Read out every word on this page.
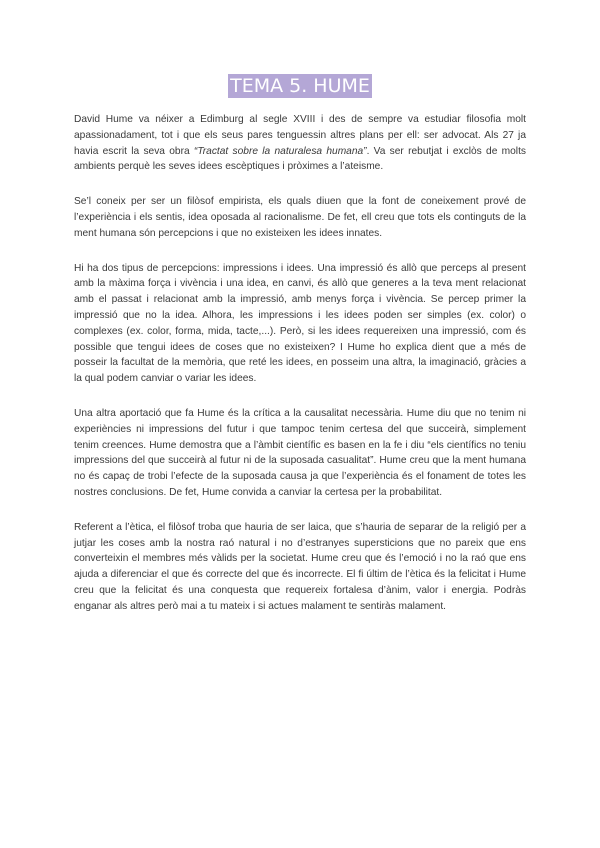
TEMA 5. HUME

David Hume va néixer a Edimburg al segle XVIII i des de sempre va estudiar filosofia molt apassionadament, tot i que els seus pares tenguessin altres plans per ell: ser advocat. Als 27 ja havia escrit la seva obra “Tractat sobre la naturalesa humana”. Va ser rebutjat i exclòs de molts ambients perquè les seves idees escèptiques i pròximes a l’ateisme.

Se’l coneix per ser un filòsof empirista, els quals diuen que la font de coneixement prové de l’experiència i els sentis, idea oposada al racionalisme. De fet, ell creu que tots els continguts de la ment humana són percepcions i que no existeixen les idees innates.

Hi ha dos tipus de percepcions: impressions i idees. Una impressió és allò que perceps al present amb la màxima força i vivència i una idea, en canvi, és allò que generes a la teva ment relacionat amb el passat i relacionat amb la impressió, amb menys força i vivència. Se percep primer la impressió que no la idea. Alhora, les impressions i les idees poden ser simples (ex. color) o complexes (ex. color, forma, mida, tacte,...). Però, si les idees requereixen una impressió, com és possible que tengui idees de coses que no existeixen? I Hume ho explica dient que a més de posseir la facultat de la memòria, que reté les idees, en posseim una altra, la imaginació, gràcies a la qual podem canviar o variar les idees.

Una altra aportació que fa Hume és la crítica a la causalitat necessària. Hume diu que no tenim ni experiències ni impressions del futur i que tampoc tenim certesa del que succeirà, simplement tenim creences. Hume demostra que a l’àmbit científic es basen en la fe i diu “els científics no teniu impressions del que succeirà al futur ni de la suposada casualitat”. Hume creu que la ment humana no és capaç de trobi l’efecte de la suposada causa ja que l’experiència és el fonament de totes les nostres conclusions. De fet, Hume convida a canviar la certesa per la probabilitat.

Referent a l’ètica, el filòsof troba que hauria de ser laica, que s’hauria de separar de la religió per a jutjar les coses amb la nostra raó natural i no d’estranyes supersticions que no pareix que ens converteixin el membres més vàlids per la societat. Hume creu que és l’emoció i no la raó que ens ajuda a diferenciar el que és correcte del que és incorrecte. El fi últim de l’ètica és la felicitat i Hume creu que la felicitat és una conquesta que requereix fortalesa d’ànim, valor i energia. Podràs enganar als altres però mai a tu mateix i si actues malament te sentiràs malament.
